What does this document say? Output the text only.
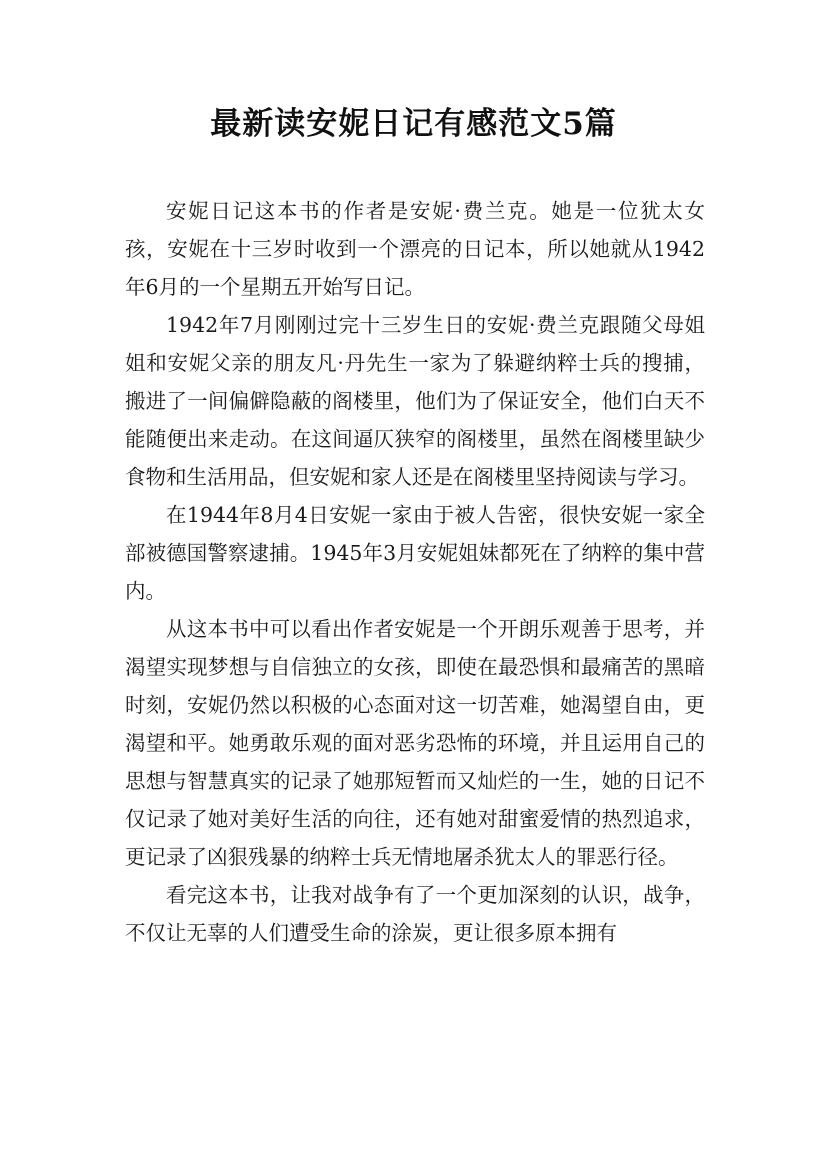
最新读安妮日记有感范文5篇

安妮日记这本书的作者是安妮·费兰克。她是一位犹太女孩，安妮在十三岁时收到一个漂亮的日记本，所以她就从1942年6月的一个星期五开始写日记。

1942年7月刚刚过完十三岁生日的安妮·费兰克跟随父母姐姐和安妮父亲的朋友凡·丹先生一家为了躲避纳粹士兵的搜捕，搬进了一间偏僻隐蔽的阁楼里，他们为了保证安全，他们白天不能随便出来走动。在这间逼仄狭窄的阁楼里，虽然在阁楼里缺少食物和生活用品，但安妮和家人还是在阁楼里坚持阅读与学习。

在1944年8月4日安妮一家由于被人告密，很快安妮一家全部被德国警察逮捕。1945年3月安妮姐妹都死在了纳粹的集中营内。

从这本书中可以看出作者安妮是一个开朗乐观善于思考，并渴望实现梦想与自信独立的女孩，即使在最恐惧和最痛苦的黑暗时刻，安妮仍然以积极的心态面对这一切苦难，她渴望自由，更渴望和平。她勇敢乐观的面对恶劣恐怖的环境，并且运用自己的思想与智慧真实的记录了她那短暂而又灿烂的一生，她的日记不仅记录了她对美好生活的向往，还有她对甜蜜爱情的热烈追求，更记录了凶狠残暴的纳粹士兵无情地屠杀犹太人的罪恶行径。

看完这本书，让我对战争有了一个更加深刻的认识，战争，不仅让无辜的人们遭受生命的涂炭，更让很多原本拥有
